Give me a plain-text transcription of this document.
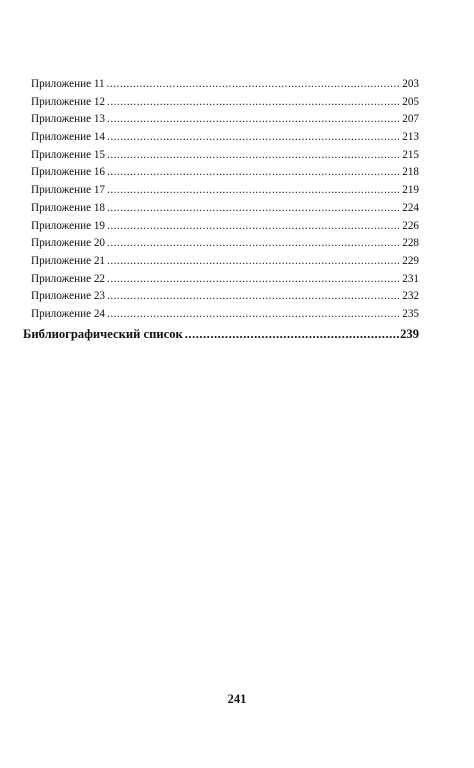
Приложение 11 .....	203
Приложение 12 .....	205
Приложение 13 .....	207
Приложение 14 .....	213
Приложение 15 .....	215
Приложение 16 .....	218
Приложение 17 .....	219
Приложение 18 .....	224
Приложение 19 .....	226
Приложение 20 .....	228
Приложение 21 .....	229
Приложение 22 .....	231
Приложение 23 .....	232
Приложение 24 .....	235
Библиографический список .....	239
241
